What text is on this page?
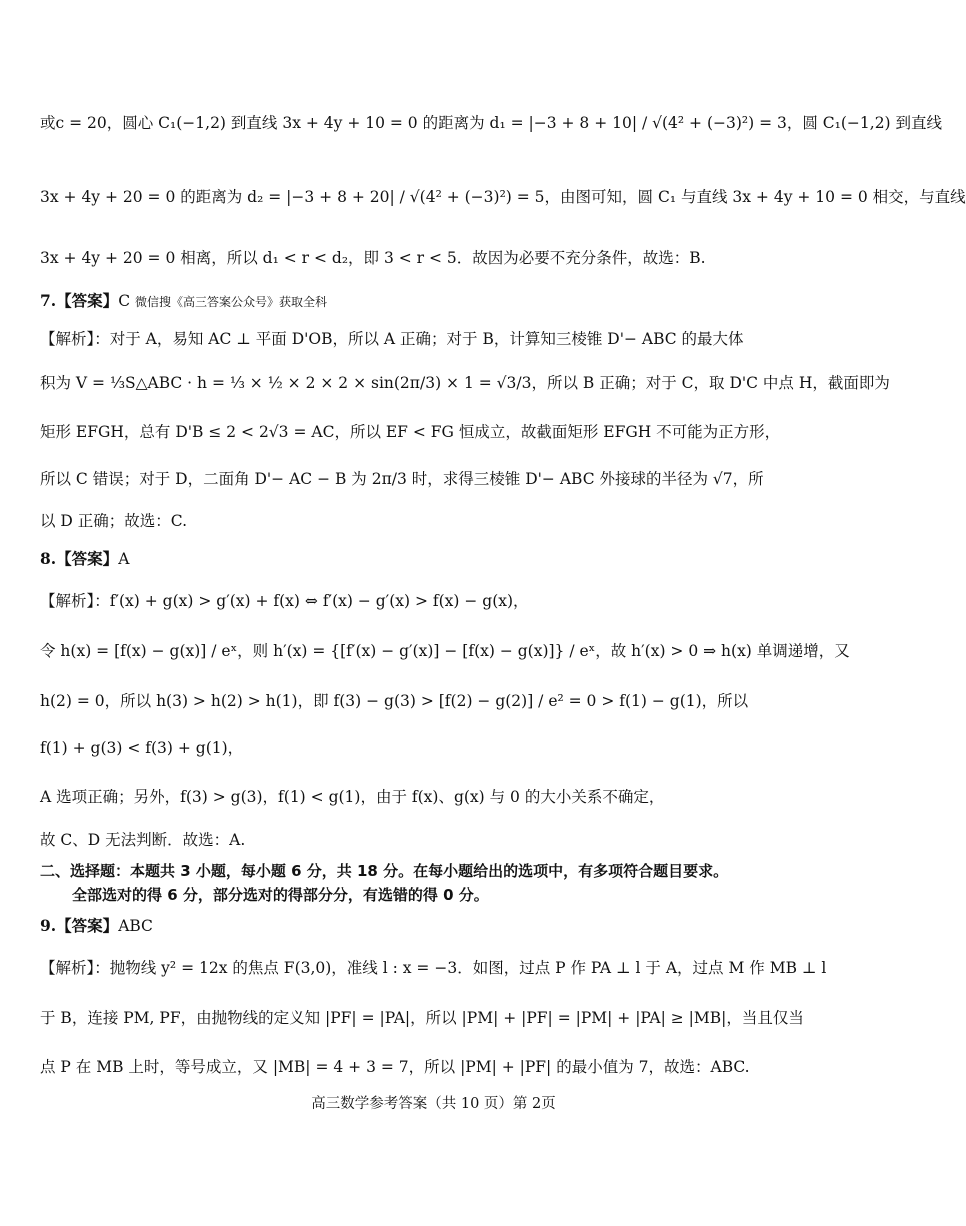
或c = 20，圆心 C₁(−1,2) 到直线 3x + 4y + 10 = 0 的距离为 d₁ = |−3 + 8 + 10| / √(4² + (−3)²) = 3，圆 C₁(−1,2) 到直线
3x + 4y + 20 = 0 的距离为 d₂ = |−3 + 8 + 20| / √(4² + (−3)²) = 5，由图可知，圆 C₁ 与直线 3x + 4y + 10 = 0 相交，与直线
3x + 4y + 20 = 0 相离，所以 d₁ < r < d₂，即 3 < r < 5．故因为必要不充分条件，故选：B.
7.【答案】C 微信搜《高三答案公众号》获取全科
【解析】：对于 A，易知 AC ⊥ 平面 D'OB，所以 A 正确；对于 B，计算知三棱锥 D'− ABC 的最大体
积为 V = ⅓S△ABC · h = ⅓ × ½ × 2 × 2 × sin(2π/3) × 1 = √3/3，所以 B 正确；对于 C，取 D'C 中点 H，截面即为
矩形 EFGH，总有 D'B ≤ 2 < 2√3 = AC，所以 EF < FG 恒成立，故截面矩形 EFGH 不可能为正方形，
所以 C 错误；对于 D，二面角 D'− AC − B 为 2π/3 时，求得三棱锥 D'− ABC 外接球的半径为 √7，所
以 D 正确；故选：C.
8.【答案】A
【解析】：f′(x) + g(x) > g′(x) + f(x) ⇔ f′(x) − g′(x) > f(x) − g(x)，
令 h(x) = [f(x) − g(x)] / eˣ，则 h′(x) = {[f′(x) − g′(x)] − [f(x) − g(x)]} / eˣ，故 h′(x) > 0 ⇒ h(x) 单调递增，又
h(2) = 0，所以 h(3) > h(2) > h(1)，即 f(3) − g(3) > [f(2) − g(2)] / e² = 0 > f(1) − g(1)，所以
f(1) + g(3) < f(3) + g(1)，
A 选项正确；另外，f(3) > g(3)，f(1) < g(1)，由于 f(x)、g(x) 与 0 的大小关系不确定，
故 C、D 无法判断．故选：A.
二、选择题：本题共 3 小题，每小题 6 分，共 18 分。在每小题给出的选项中，有多项符合题目要求。
全部选对的得 6 分，部分选对的得部分分，有选错的得 0 分。
9.【答案】ABC
【解析】：抛物线 y² = 12x 的焦点 F(3,0)，准线 l : x = −3．如图，过点 P 作 PA ⊥ l 于 A，过点 M 作 MB ⊥ l
于 B，连接 PM, PF，由抛物线的定义知 |PF| = |PA|，所以 |PM| + |PF| = |PM| + |PA| ≥ |MB|，当且仅当
点 P 在 MB 上时，等号成立，又 |MB| = 4 + 3 = 7，所以 |PM| + |PF| 的最小值为 7，故选：ABC.
高三数学参考答案（共 10 页）第 2页
